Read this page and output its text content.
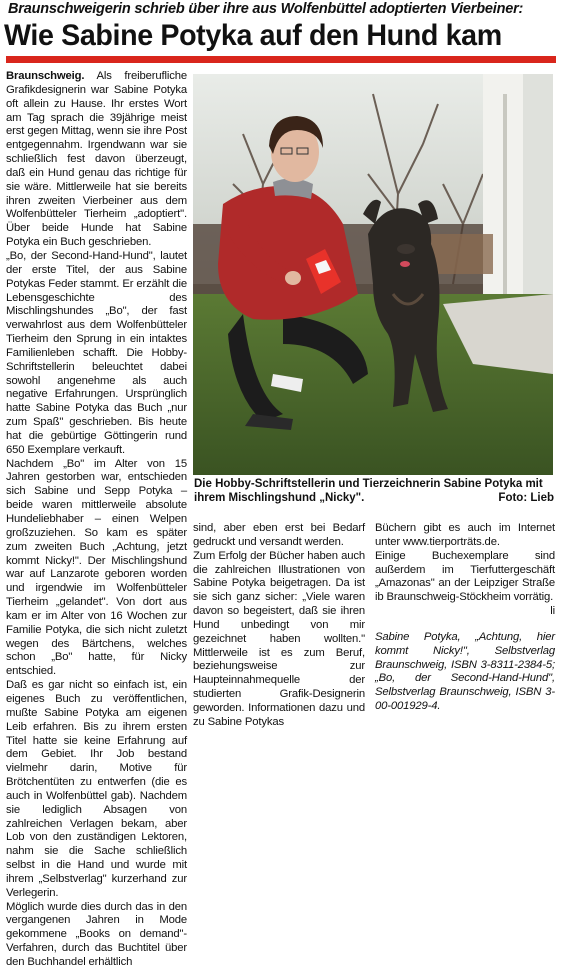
Braunschweigerin schrieb über ihre aus Wolfenbüttel adoptierten Vierbeiner:
Wie Sabine Potyka auf den Hund kam

Braunschweig. Als freiberufliche Grafikdesignerin war Sabine Potyka oft allein zu Hause. Ihr erstes Wort am Tag sprach die 39jährige meist erst gegen Mittag, wenn sie ihre Post entgegennahm. Irgendwann war sie schließlich fest davon überzeugt, daß ein Hund genau das richtige für sie wäre. Mittlerweile hat sie bereits ihren zweiten Vierbeiner aus dem Wolfenbütteler Tierheim „adoptiert". Über beide Hunde hat Sabine Potyka ein Buch geschrieben.

„Bo, der Second-Hand-Hund", lautet der erste Titel, der aus Sabine Potykas Feder stammt. Er erzählt die Lebensgeschichte des Mischlingshundes „Bo", der fast verwahrlost aus dem Wolfenbütteler Tierheim den Sprung in ein intaktes Familienleben schafft. Die Hobby-Schriftstellerin beleuchtet dabei sowohl angenehme als auch negative Erfahrungen. Ursprünglich hatte Sabine Potyka das Buch „nur zum Spaß" geschrieben. Bis heute hat die gebürtige Göttingerin rund 650 Exemplare verkauft.

Nachdem „Bo" im Alter von 15 Jahren gestorben war, entschieden sich Sabine und Sepp Potyka – beide waren mittlerweile absolute Hundeliebhaber – einen Welpen großzuziehen. So kam es später zum zweiten Buch „Achtung, jetzt kommt Nicky!". Der Mischlingshund war auf Lanzarote geboren worden und irgendwie im Wolfenbütteler Tierheim „gelandet". Von dort aus kam er im Alter von 16 Wochen zur Familie Potyka, die sich nicht zuletzt wegen des Bärtchens, welches schon „Bo" hatte, für Nicky entschied.

Daß es gar nicht so einfach ist, ein eigenes Buch zu veröffentlichen, mußte Sabine Potyka am eigenen Leib erfahren. Bis zu ihrem ersten Titel hatte sie keine Erfahrung auf dem Gebiet. Ihr Job bestand vielmehr darin, Motive für Brötchentüten zu entwerfen (die es auch in Wolfenbüttel gab). Nachdem sie lediglich Absagen von zahlreichen Verlagen bekam, aber Lob von den zuständigen Lektoren, nahm sie die Sache schließlich selbst in die Hand und wurde mit ihrem „Selbstverlag" kurzerhand zur Verlegerin.

Möglich wurde dies durch das in den vergangenen Jahren in Mode gekommene „Books on demand"-Verfahren, durch das Buchtitel über den Buchhandel erhältlich

Die Hobby-Schriftstellerin und Tierzeichnerin Sabine Potyka mit ihrem Mischlingshund „Nicky".	Foto: Lieb

sind, aber eben erst bei Bedarf gedruckt und versandt werden.

Zum Erfolg der Bücher haben auch die zahlreichen Illustrationen von Sabine Potyka beigetragen. Da ist sie sich ganz sicher: „Viele waren davon so begeistert, daß sie ihren Hund unbedingt von mir gezeichnet haben wollten." Mittlerweile ist es zum Beruf, beziehungsweise zur Haupteinnahmequelle der studierten Grafik-Designerin geworden. Informationen dazu und zu Sabine Potykas

Büchern gibt es auch im Internet unter www.tierporträts.de.

Einige Buchexemplare sind außerdem im Tierfuttergeschäft „Amazonas" an der Leipziger Straße ib Braunschweig-Stöckheim vorrätig.

li

Sabine Potyka, „Achtung, hier kommt Nicky!", Selbstverlag Braunschweig, ISBN 3-8311-2384-5; „Bo, der Second-Hand-Hund", Selbstverlag Braunschweig, ISBN 3-00-001929-4.
